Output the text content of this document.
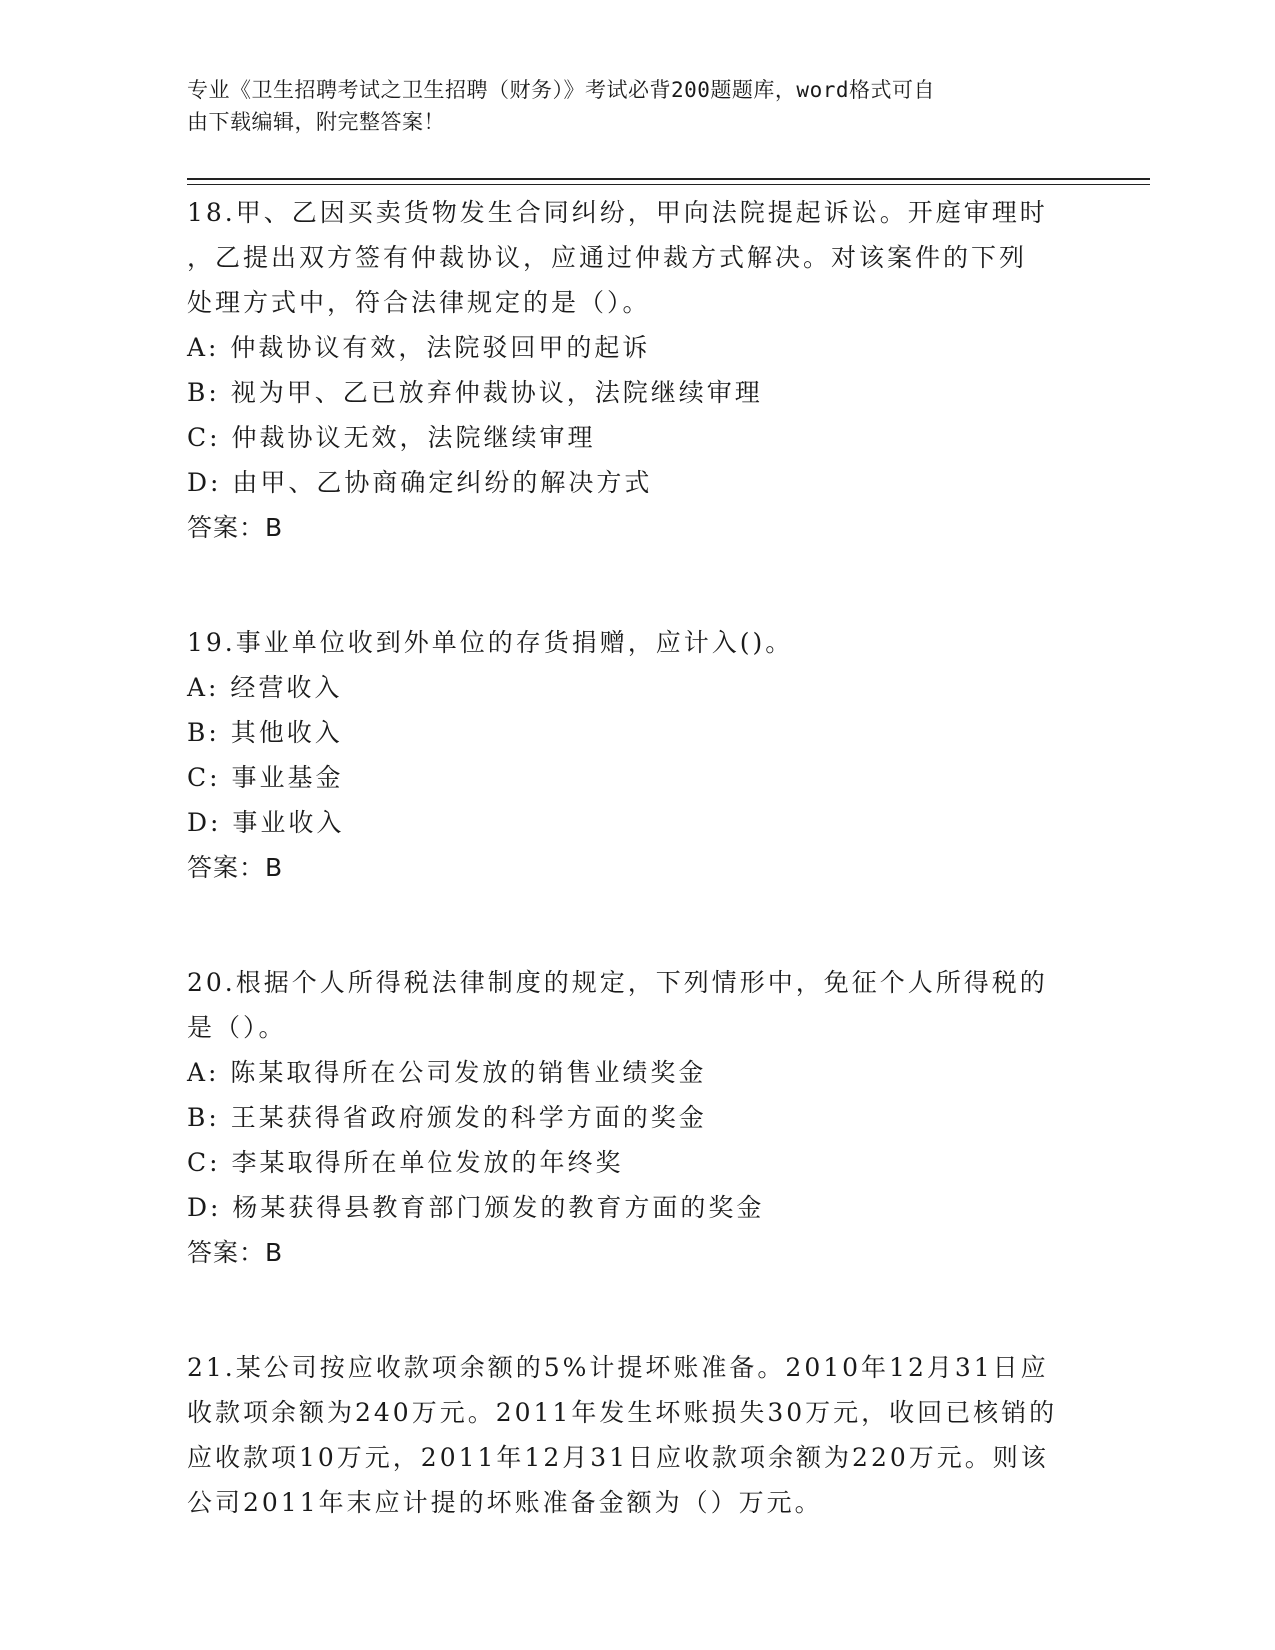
专业《卫生招聘考试之卫生招聘（财务）》考试必背200题题库，word格式可自
由下载编辑，附完整答案！
18.甲、乙因买卖货物发生合同纠纷，甲向法院提起诉讼。开庭审理时
，乙提出双方签有仲裁协议，应通过仲裁方式解决。对该案件的下列
处理方式中，符合法律规定的是（）。
A: 仲裁协议有效，法院驳回甲的起诉
B: 视为甲、乙已放弃仲裁协议，法院继续审理
C: 仲裁协议无效，法院继续审理
D: 由甲、乙协商确定纠纷的解决方式
答案：B
19.事业单位收到外单位的存货捐赠，应计入()。
A: 经营收入
B: 其他收入
C: 事业基金
D: 事业收入
答案：B
20.根据个人所得税法律制度的规定，下列情形中，免征个人所得税的
是（）。
A: 陈某取得所在公司发放的销售业绩奖金
B: 王某获得省政府颁发的科学方面的奖金
C: 李某取得所在单位发放的年终奖
D: 杨某获得县教育部门颁发的教育方面的奖金
答案：B
21.某公司按应收款项余额的5%计提坏账准备。2010年12月31日应
收款项余额为240万元。2011年发生坏账损失30万元，收回已核销的
应收款项10万元，2011年12月31日应收款项余额为220万元。则该
公司2011年末应计提的坏账准备金额为（）万元。
